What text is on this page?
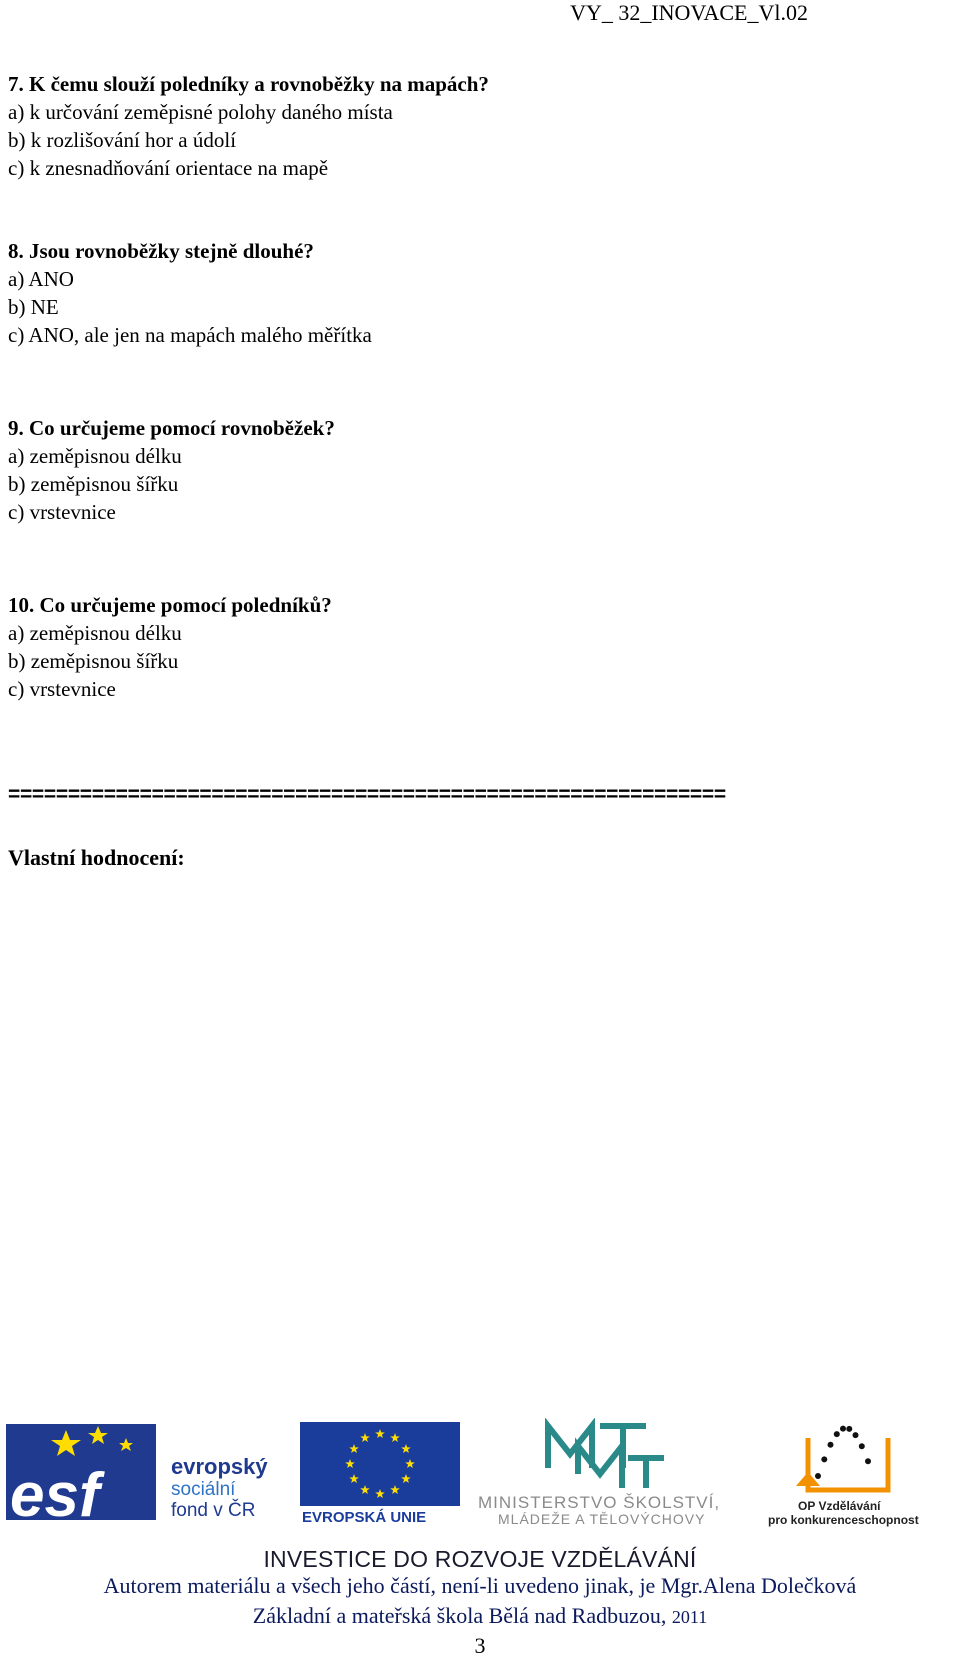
VY_ 32_INOVACE_Vl.02
7. K čemu slouží poledníky a rovnoběžky na mapách?
a) k určování zeměpisné polohy daného místa
b) k rozlišování hor a údolí
c) k znesnadňování orientace na mapě
8. Jsou rovnoběžky stejně dlouhé?
a) ANO
b) NE
c) ANO, ale jen na mapách malého měřítka
9. Co určujeme pomocí rovnoběžek?
a) zeměpisnou délku
b) zeměpisnou šířku
c) vrstevnice
10. Co určujeme pomocí poledníků?
a) zeměpisnou délku
b) zeměpisnou šířku
c) vrstevnice
============================================================
Vlastní hodnocení:
esf	evropský
sociální
fond v ČR	EVROPSKÁ UNIE
MINISTERSTVO ŠKOLSTVÍ,
MLÁDEŽE A TĚLOVÝCHOVY
OP Vzdělávání
pro konkurenceschopnost
INVESTICE DO ROZVOJE VZDĚLÁVÁNÍ
Autorem materiálu a všech jeho částí, není-li uvedeno jinak, je Mgr.Alena Dolečková
Základní a mateřská škola Bělá nad Radbuzou, 2011
3
